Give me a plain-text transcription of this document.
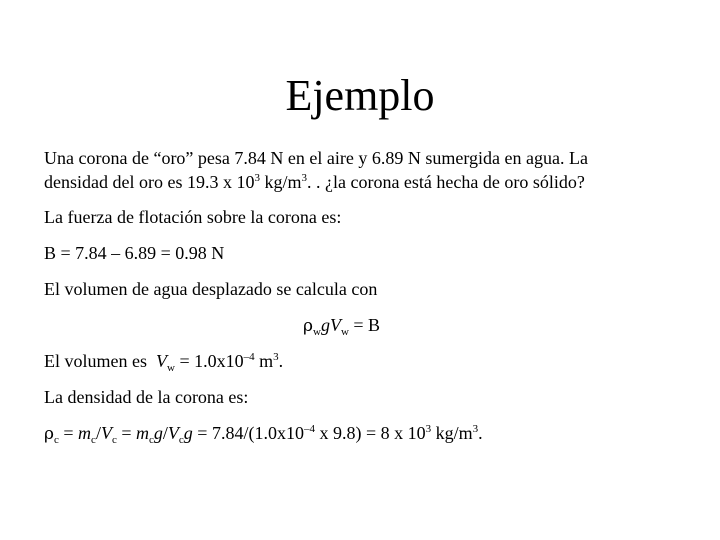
Ejemplo

Una corona de “oro” pesa 7.84 N en el aire y 6.89 N sumergida en agua. La

densidad del oro es 19.3 x $10^3$ $kg/m^3$. . ¿la corona está hecha de oro sólido?

La fuerza de flotación sobre la corona es:

B = 7.84 – 6.89 = 0.98 N

El volumen de agua desplazado se calcula con

$\rho_wgV_w = B$

El volumen es  $V_w = 1.0x10^{-4}$ $m^3$.

La densidad de la corona es:

$\rho_c = m_c/V_c = m_cg/V_cg = 7.84/(1.0x10^{-4}$ x 9.8) = 8 x $10^3$ $kg/m^3$.
